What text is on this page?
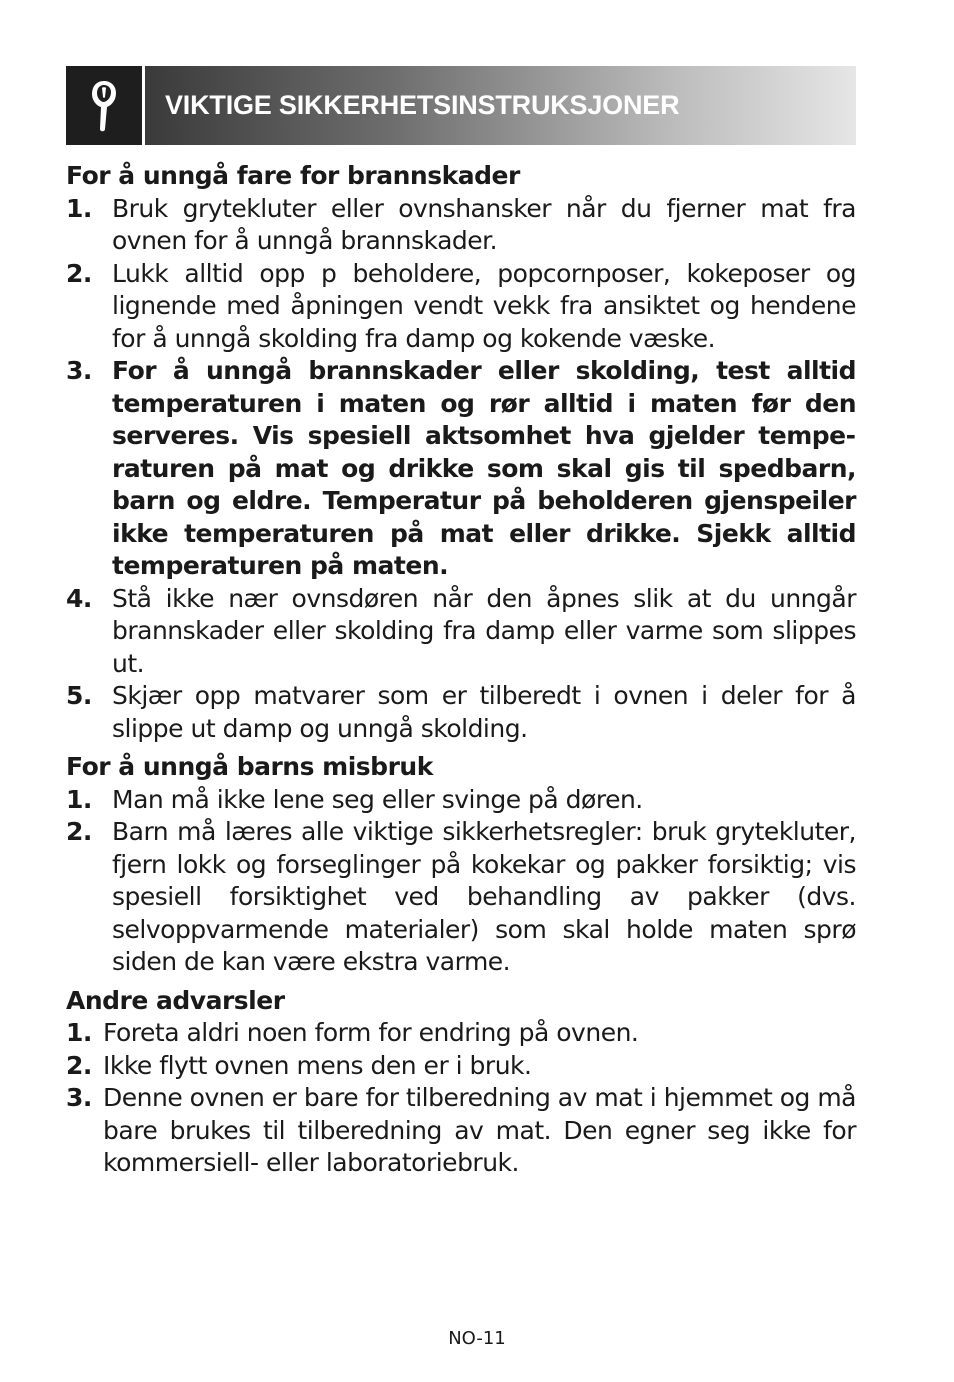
VIKTIGE SIKKERHETSINSTRUKSJONER
For å unngå fare for brannskader
1. Bruk grytekluter eller ovnshansker når du fjerner mat fra ovnen for å unngå brannskader.
2. Lukk alltid opp p beholdere, popcornposer, kokeposer og lignende med åpningen vendt vekk fra ansiktet og hendene for å unngå skolding fra damp og kokende væske.
3. For å unngå brannskader eller skolding, test alltid temperaturen i maten og rør alltid i maten før den serveres. Vis spesiell aktsomhet hva gjelder temperaturen på mat og drikke som skal gis til spedbarn, barn og eldre. Temperatur på beholderen gjenspeiler ikke temperaturen på mat eller drikke. Sjekk alltid temperaturen på maten.
4. Stå ikke nær ovnsdøren når den åpnes slik at du unngår brannskader eller skolding fra damp eller varme som slippes ut.
5. Skjær opp matvarer som er tilberedt i ovnen i deler for å slippe ut damp og unngå skolding.
For å unngå barns misbruk
1. Man må ikke lene seg eller svinge på døren.
2. Barn må læres alle viktige sikkerhetsregler: bruk grytekluter, fjern lokk og forseglinger på kokekar og pakker forsiktig; vis spesiell forsiktighet ved behandling av pakker (dvs. selvoppvarmende materialer) som skal holde maten sprø siden de kan være ekstra varme.
Andre advarsler
1. Foreta aldri noen form for endring på ovnen.
2. Ikke flytt ovnen mens den er i bruk.
3. Denne ovnen er bare for tilberedning av mat i hjemmet og må bare brukes til tilberedning av mat. Den egner seg ikke for kommersiell- eller laboratoriebruk.
NO-11
